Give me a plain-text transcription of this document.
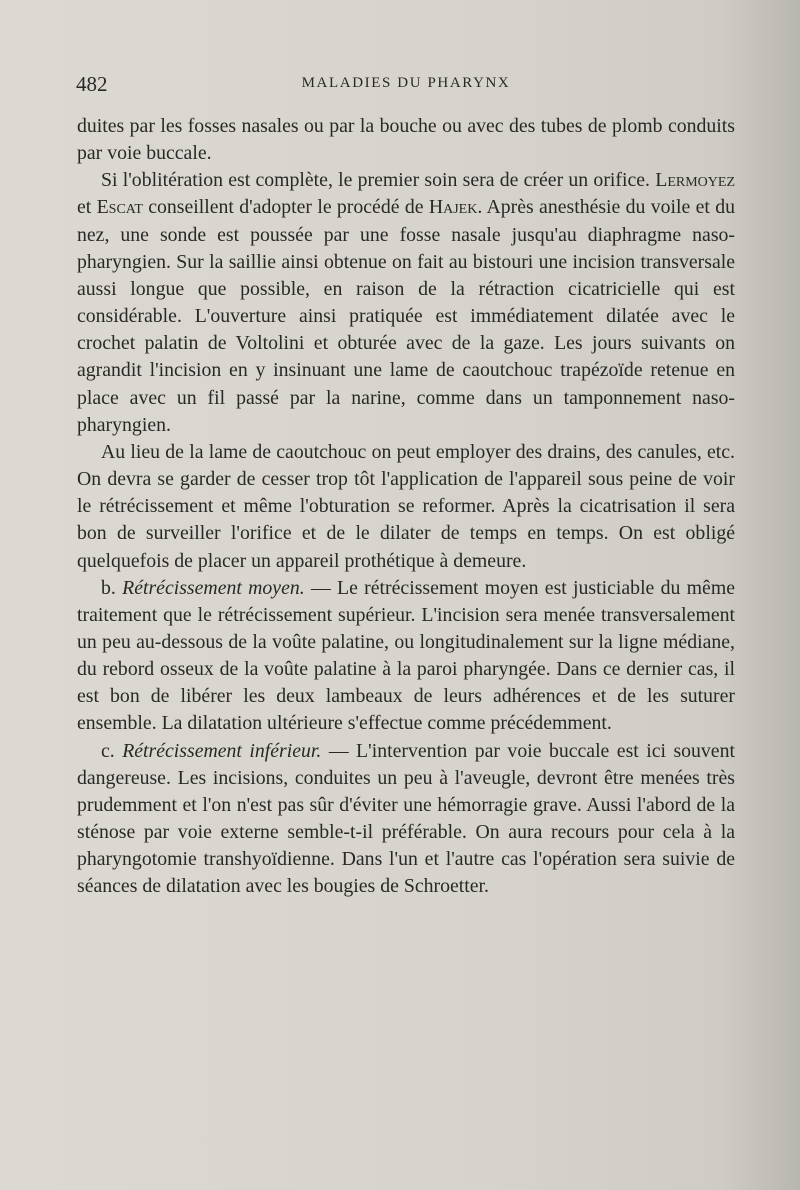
482	MALADIES DU PHARYNX

duites par les fosses nasales ou par la bouche ou avec des tubes de plomb conduits par voie buccale.

Si l'oblitération est complète, le premier soin sera de créer un orifice. Lermoyez et Escat conseillent d'adopter le procédé de Hajek. Après anesthésie du voile et du nez, une sonde est poussée par une fosse nasale jusqu'au diaphragme naso-pharyngien. Sur la saillie ainsi obtenue on fait au bistouri une incision transversale aussi longue que possible, en raison de la rétraction cicatricielle qui est considérable. L'ouverture ainsi pratiquée est immédiatement dilatée avec le crochet palatin de Voltolini et obturée avec de la gaze. Les jours suivants on agrandit l'incision en y insinuant une lame de caoutchouc trapézoïde retenue en place avec un fil passé par la narine, comme dans un tamponnement naso-pharyngien.

Au lieu de la lame de caoutchouc on peut employer des drains, des canules, etc. On devra se garder de cesser trop tôt l'application de l'appareil sous peine de voir le rétrécissement et même l'obturation se reformer. Après la cicatrisation il sera bon de surveiller l'orifice et de le dilater de temps en temps. On est obligé quelquefois de placer un appareil prothétique à demeure.

b. Rétrécissement moyen. — Le rétrécissement moyen est justiciable du même traitement que le rétrécissement supérieur. L'incision sera menée transversalement un peu au-dessous de la voûte palatine, ou longitudinalement sur la ligne médiane, du rebord osseux de la voûte palatine à la paroi pharyngée. Dans ce dernier cas, il est bon de libérer les deux lambeaux de leurs adhérences et de les suturer ensemble. La dilatation ultérieure s'effectue comme précédemment.

c. Rétrécissement inférieur. — L'intervention par voie buccale est ici souvent dangereuse. Les incisions, conduites un peu à l'aveugle, devront être menées très prudemment et l'on n'est pas sûr d'éviter une hémorragie grave. Aussi l'abord de la sténose par voie externe semble-t-il préférable. On aura recours pour cela à la pharyngotomie transhyoïdienne. Dans l'un et l'autre cas l'opération sera suivie de séances de dilatation avec les bougies de Schroetter.
